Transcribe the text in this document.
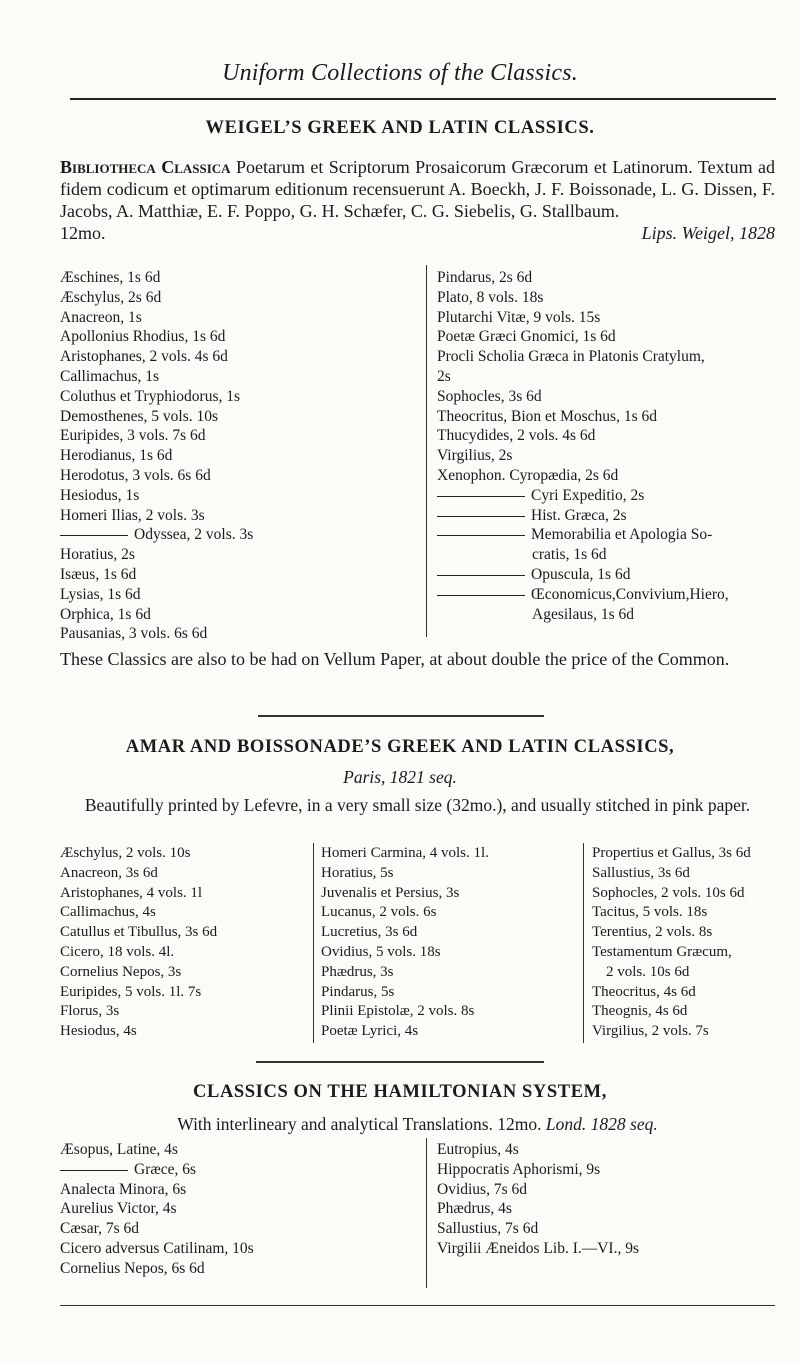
Uniform Collections of the Classics.
WEIGEL’S GREEK AND LATIN CLASSICS.
Bibliotheca Classica Poetarum et Scriptorum Prosaicorum Græcorum et Latinorum. Textum ad fidem codicum et optimarum editionum recensuerunt A. Boeckh, J. F. Boissonade, L. G. Dissen, F. Jacobs, A. Matthiæ, E. F. Poppo, G. H. Schæfer, C. G. Siebelis, G. Stallbaum.
12mo.	Lips. Weigel, 1828
Æschines, 1s 6d
Æschylus, 2s 6d
Anacreon, 1s
Apollonius Rhodius, 1s 6d
Aristophanes, 2 vols. 4s 6d
Callimachus, 1s
Coluthus et Tryphiodorus, 1s
Demosthenes, 5 vols. 10s
Euripides, 3 vols. 7s 6d
Herodianus, 1s 6d
Herodotus, 3 vols. 6s 6d
Hesiodus, 1s
Homeri Ilias, 2 vols. 3s
Odyssea, 2 vols. 3s
Horatius, 2s
Isæus, 1s 6d
Lysias, 1s 6d
Orphica, 1s 6d
Pausanias, 3 vols. 6s 6d
Pindarus, 2s 6d
Plato, 8 vols. 18s
Plutarchi Vitæ, 9 vols. 15s
Poetæ Græci Gnomici, 1s 6d
Procli Scholia Græca in Platonis Cratylum,
2s
Sophocles, 3s 6d
Theocritus, Bion et Moschus, 1s 6d
Thucydides, 2 vols. 4s 6d
Virgilius, 2s
Xenophon. Cyropædia, 2s 6d
Cyri Expeditio, 2s
Hist. Græca, 2s
Memorabilia et Apologia So-
cratis, 1s 6d
Opuscula, 1s 6d
Œconomicus,Convivium,Hiero,
Agesilaus, 1s 6d
These Classics are also to be had on Vellum Paper, at about double the price of the Common.
AMAR AND BOISSONADE’S GREEK AND LATIN CLASSICS,
Paris, 1821 seq.
Beautifully printed by Lefevre, in a very small size (32mo.), and usually stitched in pink paper.
Æschylus, 2 vols. 10s
Anacreon, 3s 6d
Aristophanes, 4 vols. 1l
Callimachus, 4s
Catullus et Tibullus, 3s 6d
Cicero, 18 vols. 4l.
Cornelius Nepos, 3s
Euripides, 5 vols. 1l. 7s
Florus, 3s
Hesiodus, 4s
Homeri Carmina, 4 vols. 1l.
Horatius, 5s
Juvenalis et Persius, 3s
Lucanus, 2 vols. 6s
Lucretius, 3s 6d
Ovidius, 5 vols. 18s
Phædrus, 3s
Pindarus, 5s
Plinii Epistolæ, 2 vols. 8s
Poetæ Lyrici, 4s
Propertius et Gallus, 3s 6d
Sallustius, 3s 6d
Sophocles, 2 vols. 10s 6d
Tacitus, 5 vols. 18s
Terentius, 2 vols. 8s
Testamentum Græcum,
2 vols. 10s 6d
Theocritus, 4s 6d
Theognis, 4s 6d
Virgilius, 2 vols. 7s
CLASSICS ON THE HAMILTONIAN SYSTEM,
With interlineary and analytical Translations. 12mo. Lond. 1828 seq.
Æsopus, Latine, 4s
Græce, 6s
Analecta Minora, 6s
Aurelius Victor, 4s
Cæsar, 7s 6d
Cicero adversus Catilinam, 10s
Cornelius Nepos, 6s 6d
Eutropius, 4s
Hippocratis Aphorismi, 9s
Ovidius, 7s 6d
Phædrus, 4s
Sallustius, 7s 6d
Virgilii Æneidos Lib. I.—VI., 9s
